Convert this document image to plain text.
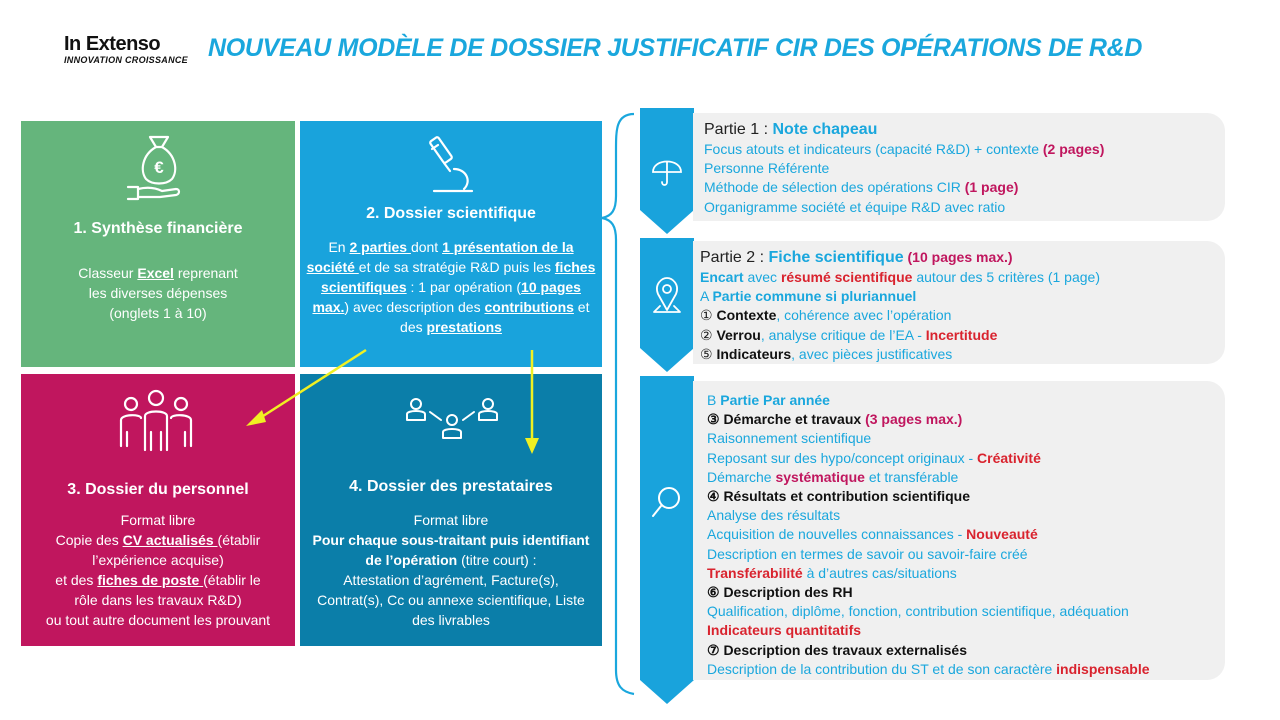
In Extenso
INNOVATION CROISSANCE NOUVEAU MODÈLE DE DOSSIER JUSTIFICATIF CIR DES OPÉRATIONS DE R&D
€
1. Synthèse financière
Classeur Excel reprenant
les diverses dépenses
(onglets 1 à 10)
2. Dossier scientifique
En 2 parties dont 1 présentation de la société et de sa stratégie R&D puis les fiches scientifiques : 1 par opération (10 pages max.) avec description des contributions et des prestations
3. Dossier du personnel
Format libre
Copie des CV actualisés (établir
l’expérience acquise)
et des fiches de poste (établir le
rôle dans les travaux R&D)
ou tout autre document les prouvant
4. Dossier des prestataires
Format libre
Pour chaque sous-traitant puis identifiant de l’opération (titre court) :
Attestation d’agrément, Facture(s), Contrat(s), Cc ou annexe scientifique, Liste des livrables
Partie 1 : Note chapeau
Focus atouts et indicateurs (capacité R&D) + contexte (2 pages)
Personne Référente
Méthode de sélection des opérations CIR (1 page)
Organigramme société et équipe R&D avec ratio
Partie 2 : Fiche scientifique (10 pages max.)
Encart avec résumé scientifique autour des 5 critères (1 page)
A Partie commune si pluriannuel
① Contexte, cohérence avec l’opération
② Verrou, analyse critique de l’EA - Incertitude
⑤ Indicateurs, avec pièces justificatives
B Partie Par année
③ Démarche et travaux (3 pages max.)
Raisonnement scientifique
Reposant sur des hypo/concept originaux - Créativité
Démarche systématique et transférable
④ Résultats et contribution scientifique
Analyse des résultats
Acquisition de nouvelles connaissances - Nouveauté
Description en termes de savoir ou savoir-faire créé
Transférabilité à d’autres cas/situations
⑥ Description des RH
Qualification, diplôme, fonction, contribution scientifique, adéquation
Indicateurs quantitatifs
⑦ Description des travaux externalisés
Description de la contribution du ST et de son caractère indispensable
